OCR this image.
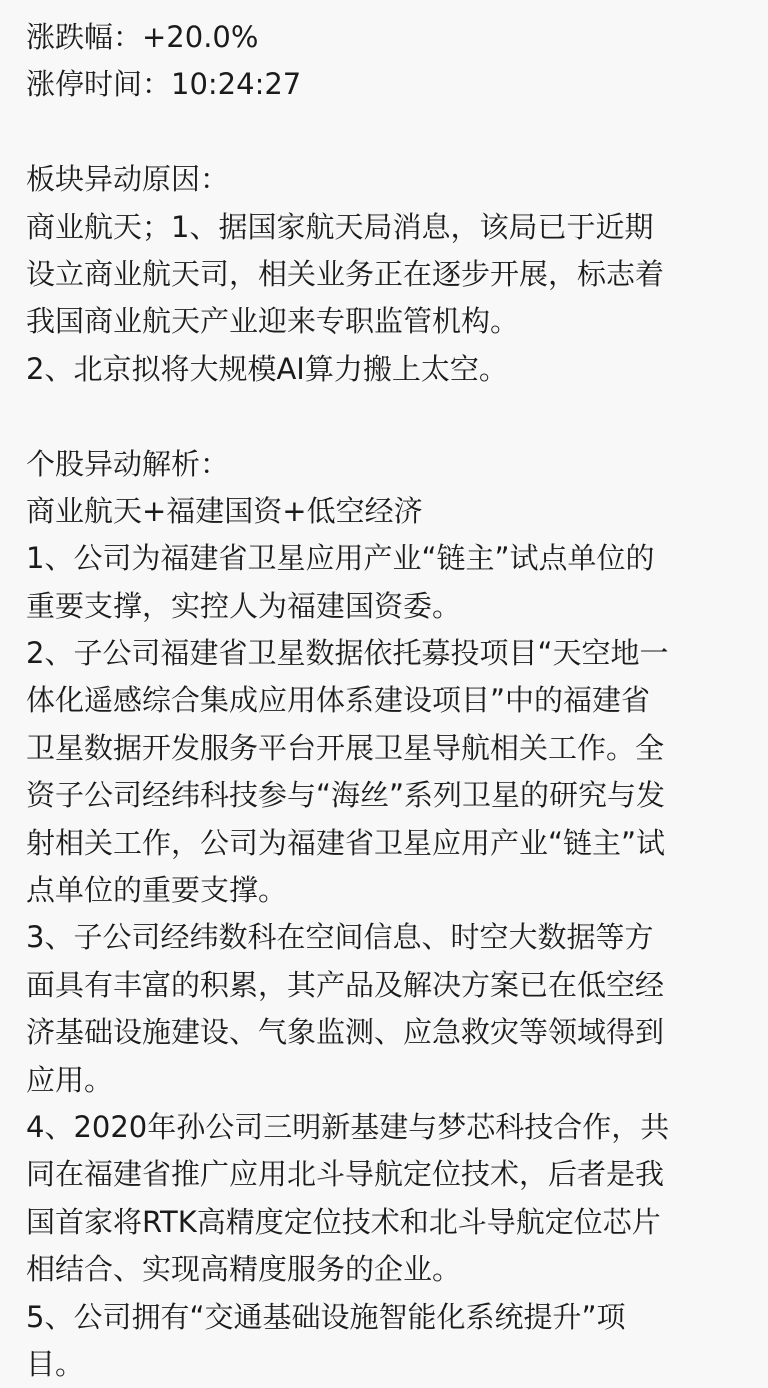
涨跌幅：+20.0%
涨停时间：10:24:27
板块异动原因：
商业航天；1、据国家航天局消息，该局已于近期
设立商业航天司，相关业务正在逐步开展，标志着
我国商业航天产业迎来专职监管机构。
2、北京拟将大规模AI算力搬上太空。
个股异动解析：
商业航天+福建国资+低空经济
1、公司为福建省卫星应用产业“链主”试点单位的
重要支撑，实控人为福建国资委。
2、子公司福建省卫星数据依托募投项目“天空地一
体化遥感综合集成应用体系建设项目”中的福建省
卫星数据开发服务平台开展卫星导航相关工作。全
资子公司经纬科技参与“海丝”系列卫星的研究与发
射相关工作，公司为福建省卫星应用产业“链主”试
点单位的重要支撑。
3、子公司经纬数科在空间信息、时空大数据等方
面具有丰富的积累，其产品及解决方案已在低空经
济基础设施建设、气象监测、应急救灾等领域得到
应用。
4、2020年孙公司三明新基建与梦芯科技合作，共
同在福建省推广应用北斗导航定位技术，后者是我
国首家将RTK高精度定位技术和北斗导航定位芯片
相结合、实现高精度服务的企业。
5、公司拥有“交通基础设施智能化系统提升”项
目。
